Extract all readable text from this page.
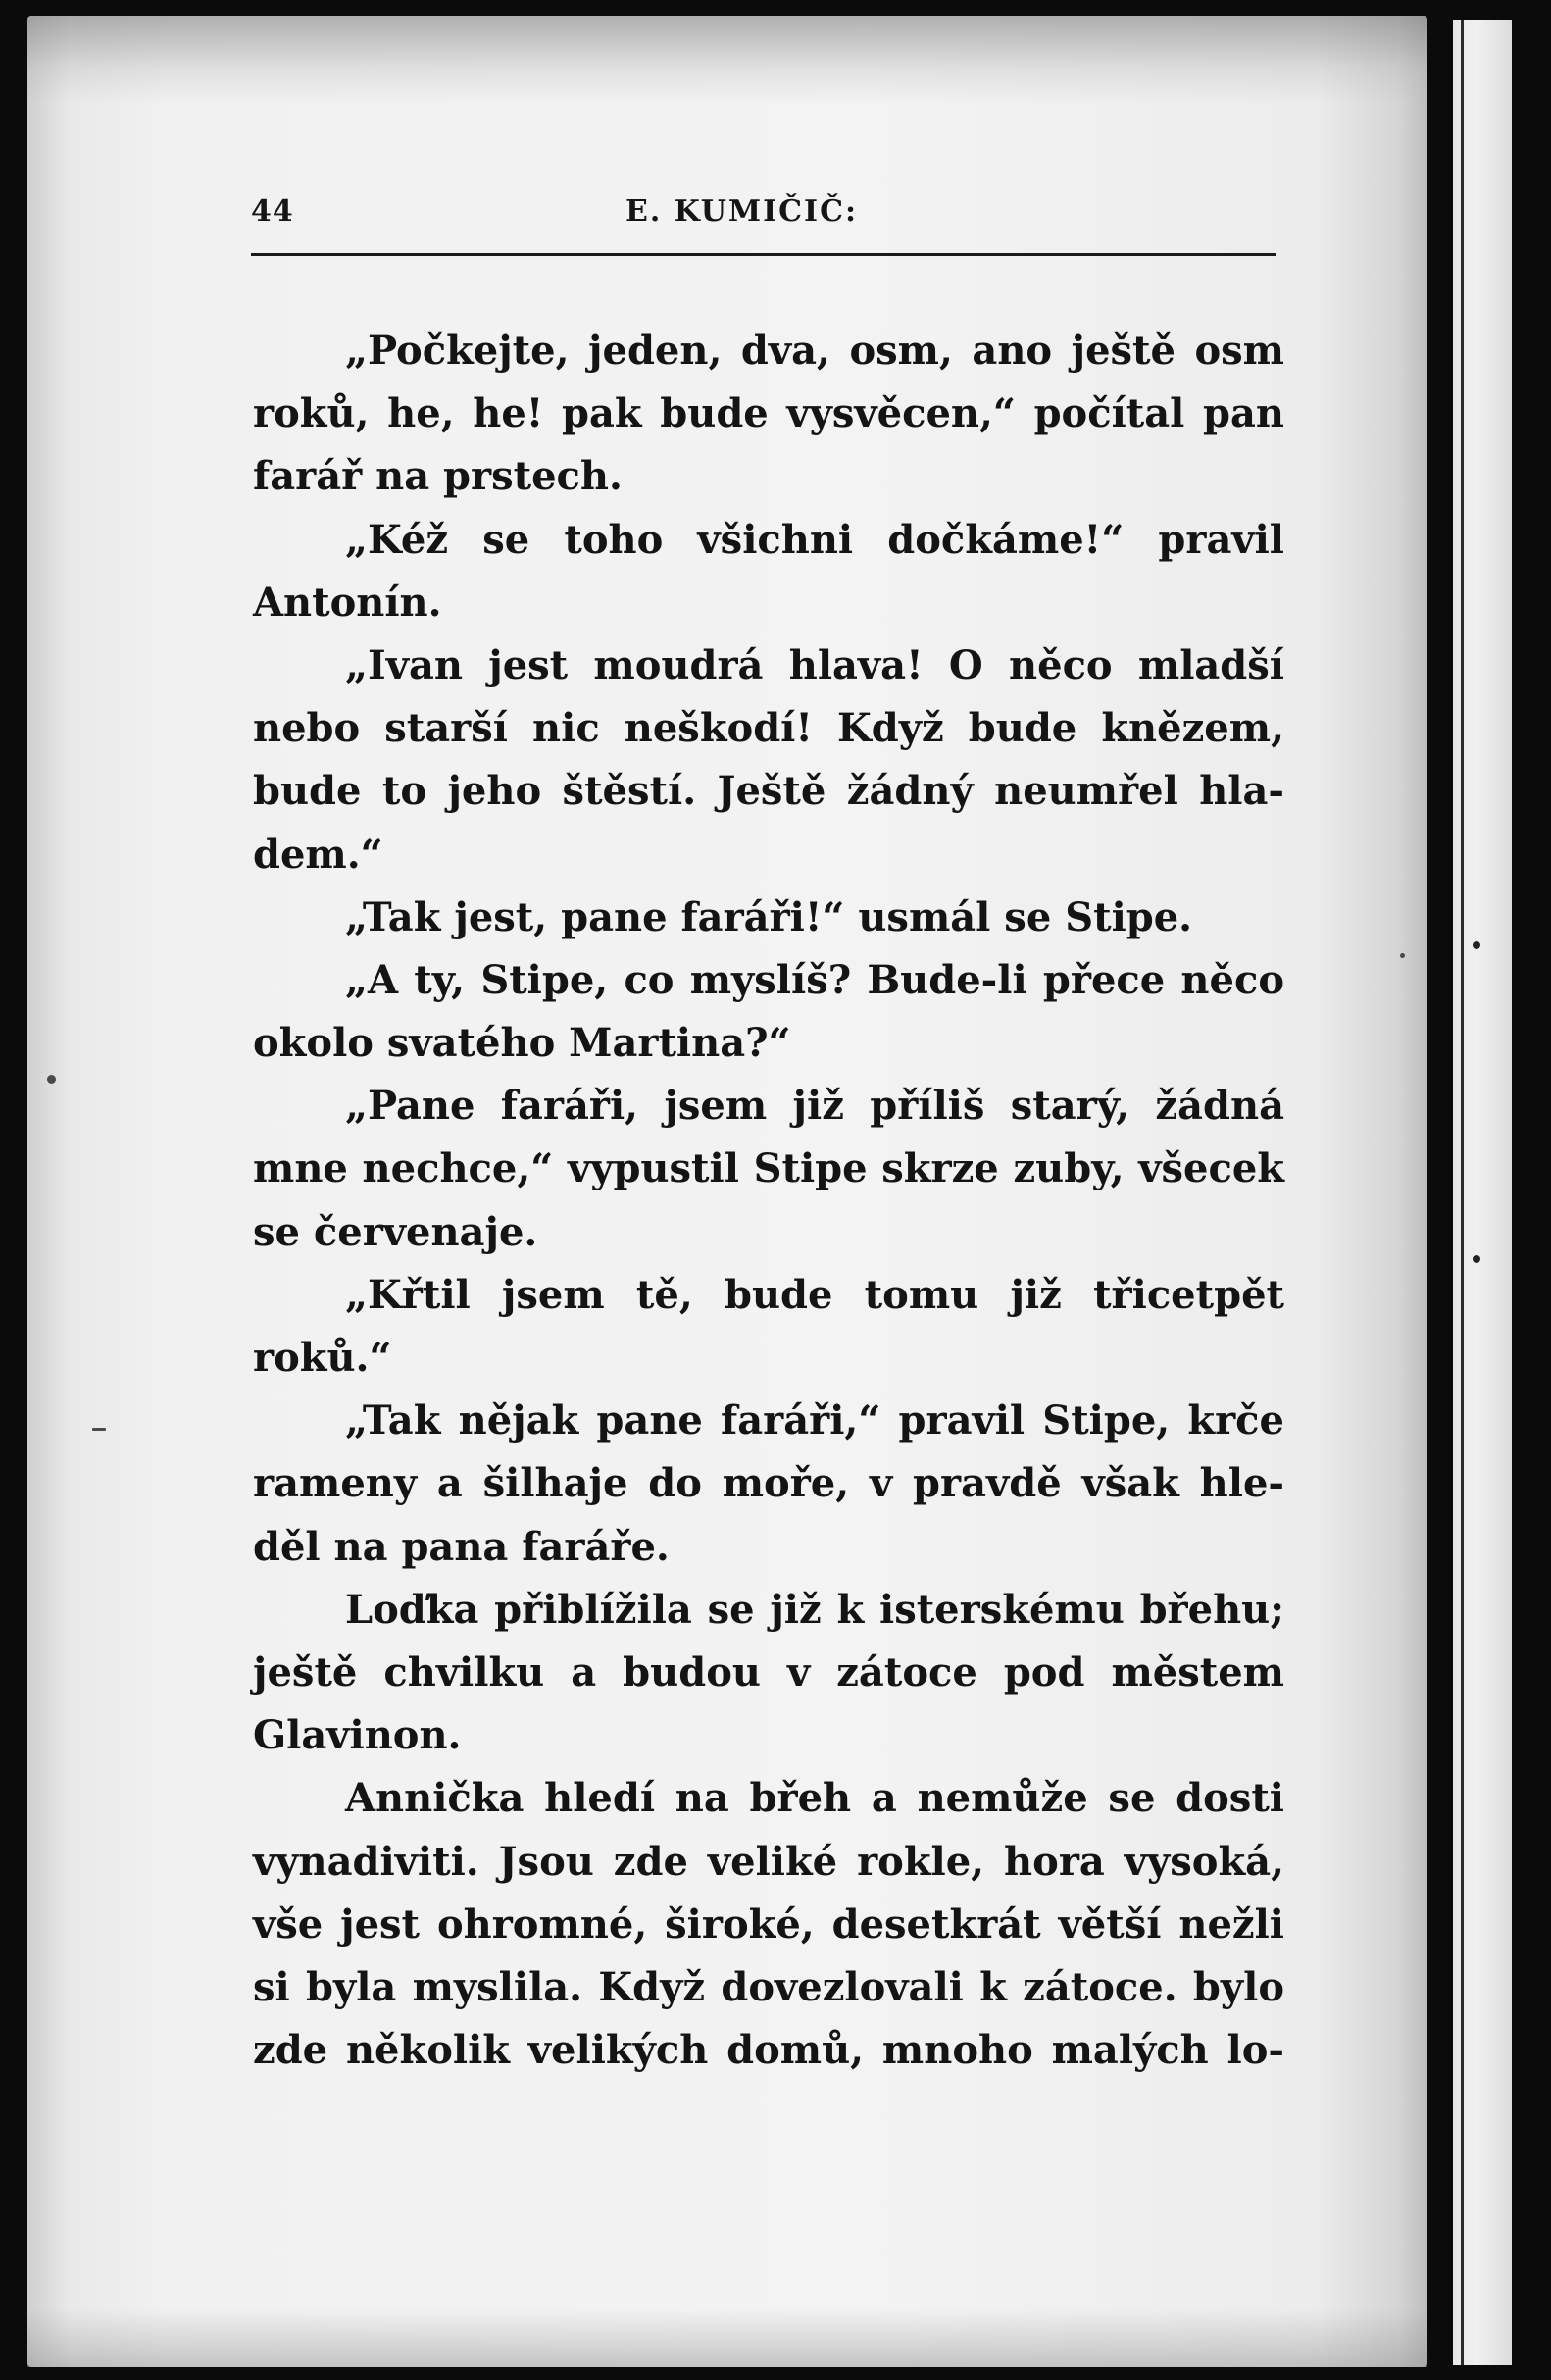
44	E. KUMIČIČ:

„Počkejte, jeden, dva, osm, ano ještě osm
roků, he, he! pak bude vysvěcen,“ počítal pan
farář na prstech.

„Kéž se toho všichni dočkáme!“ pravil
Antonín.

„Ivan jest moudrá hlava! O něco mladší
nebo starší nic neškodí! Když bude knězem,
bude to jeho štěstí. Ještě žádný neumřel hla-
dem.“

„Tak jest, pane faráři!“ usmál se Stipe.

„A ty, Stipe, co myslíš? Bude-li přece něco
okolo svatého Martina?“

„Pane faráři, jsem již příliš starý, žádná
mne nechce,“ vypustil Stipe skrze zuby, všecek
se červenaje.

„Křtil jsem tě, bude tomu již třicetpět
roků.“

„Tak nějak pane faráři,“ pravil Stipe, krče
rameny a šilhaje do moře, v pravdě však hle-
děl na pana faráře.

Loďka přiblížila se již k isterskému břehu;
ještě chvilku a budou v zátoce pod městem
Glavinon.

Annička hledí na břeh a nemůže se dosti
vynadiviti. Jsou zde veliké rokle, hora vysoká,
vše jest ohromné, široké, desetkrát větší nežli
si byla myslila. Když dovezlovali k zátoce. bylo
zde několik velikých domů, mnoho malých lo-
